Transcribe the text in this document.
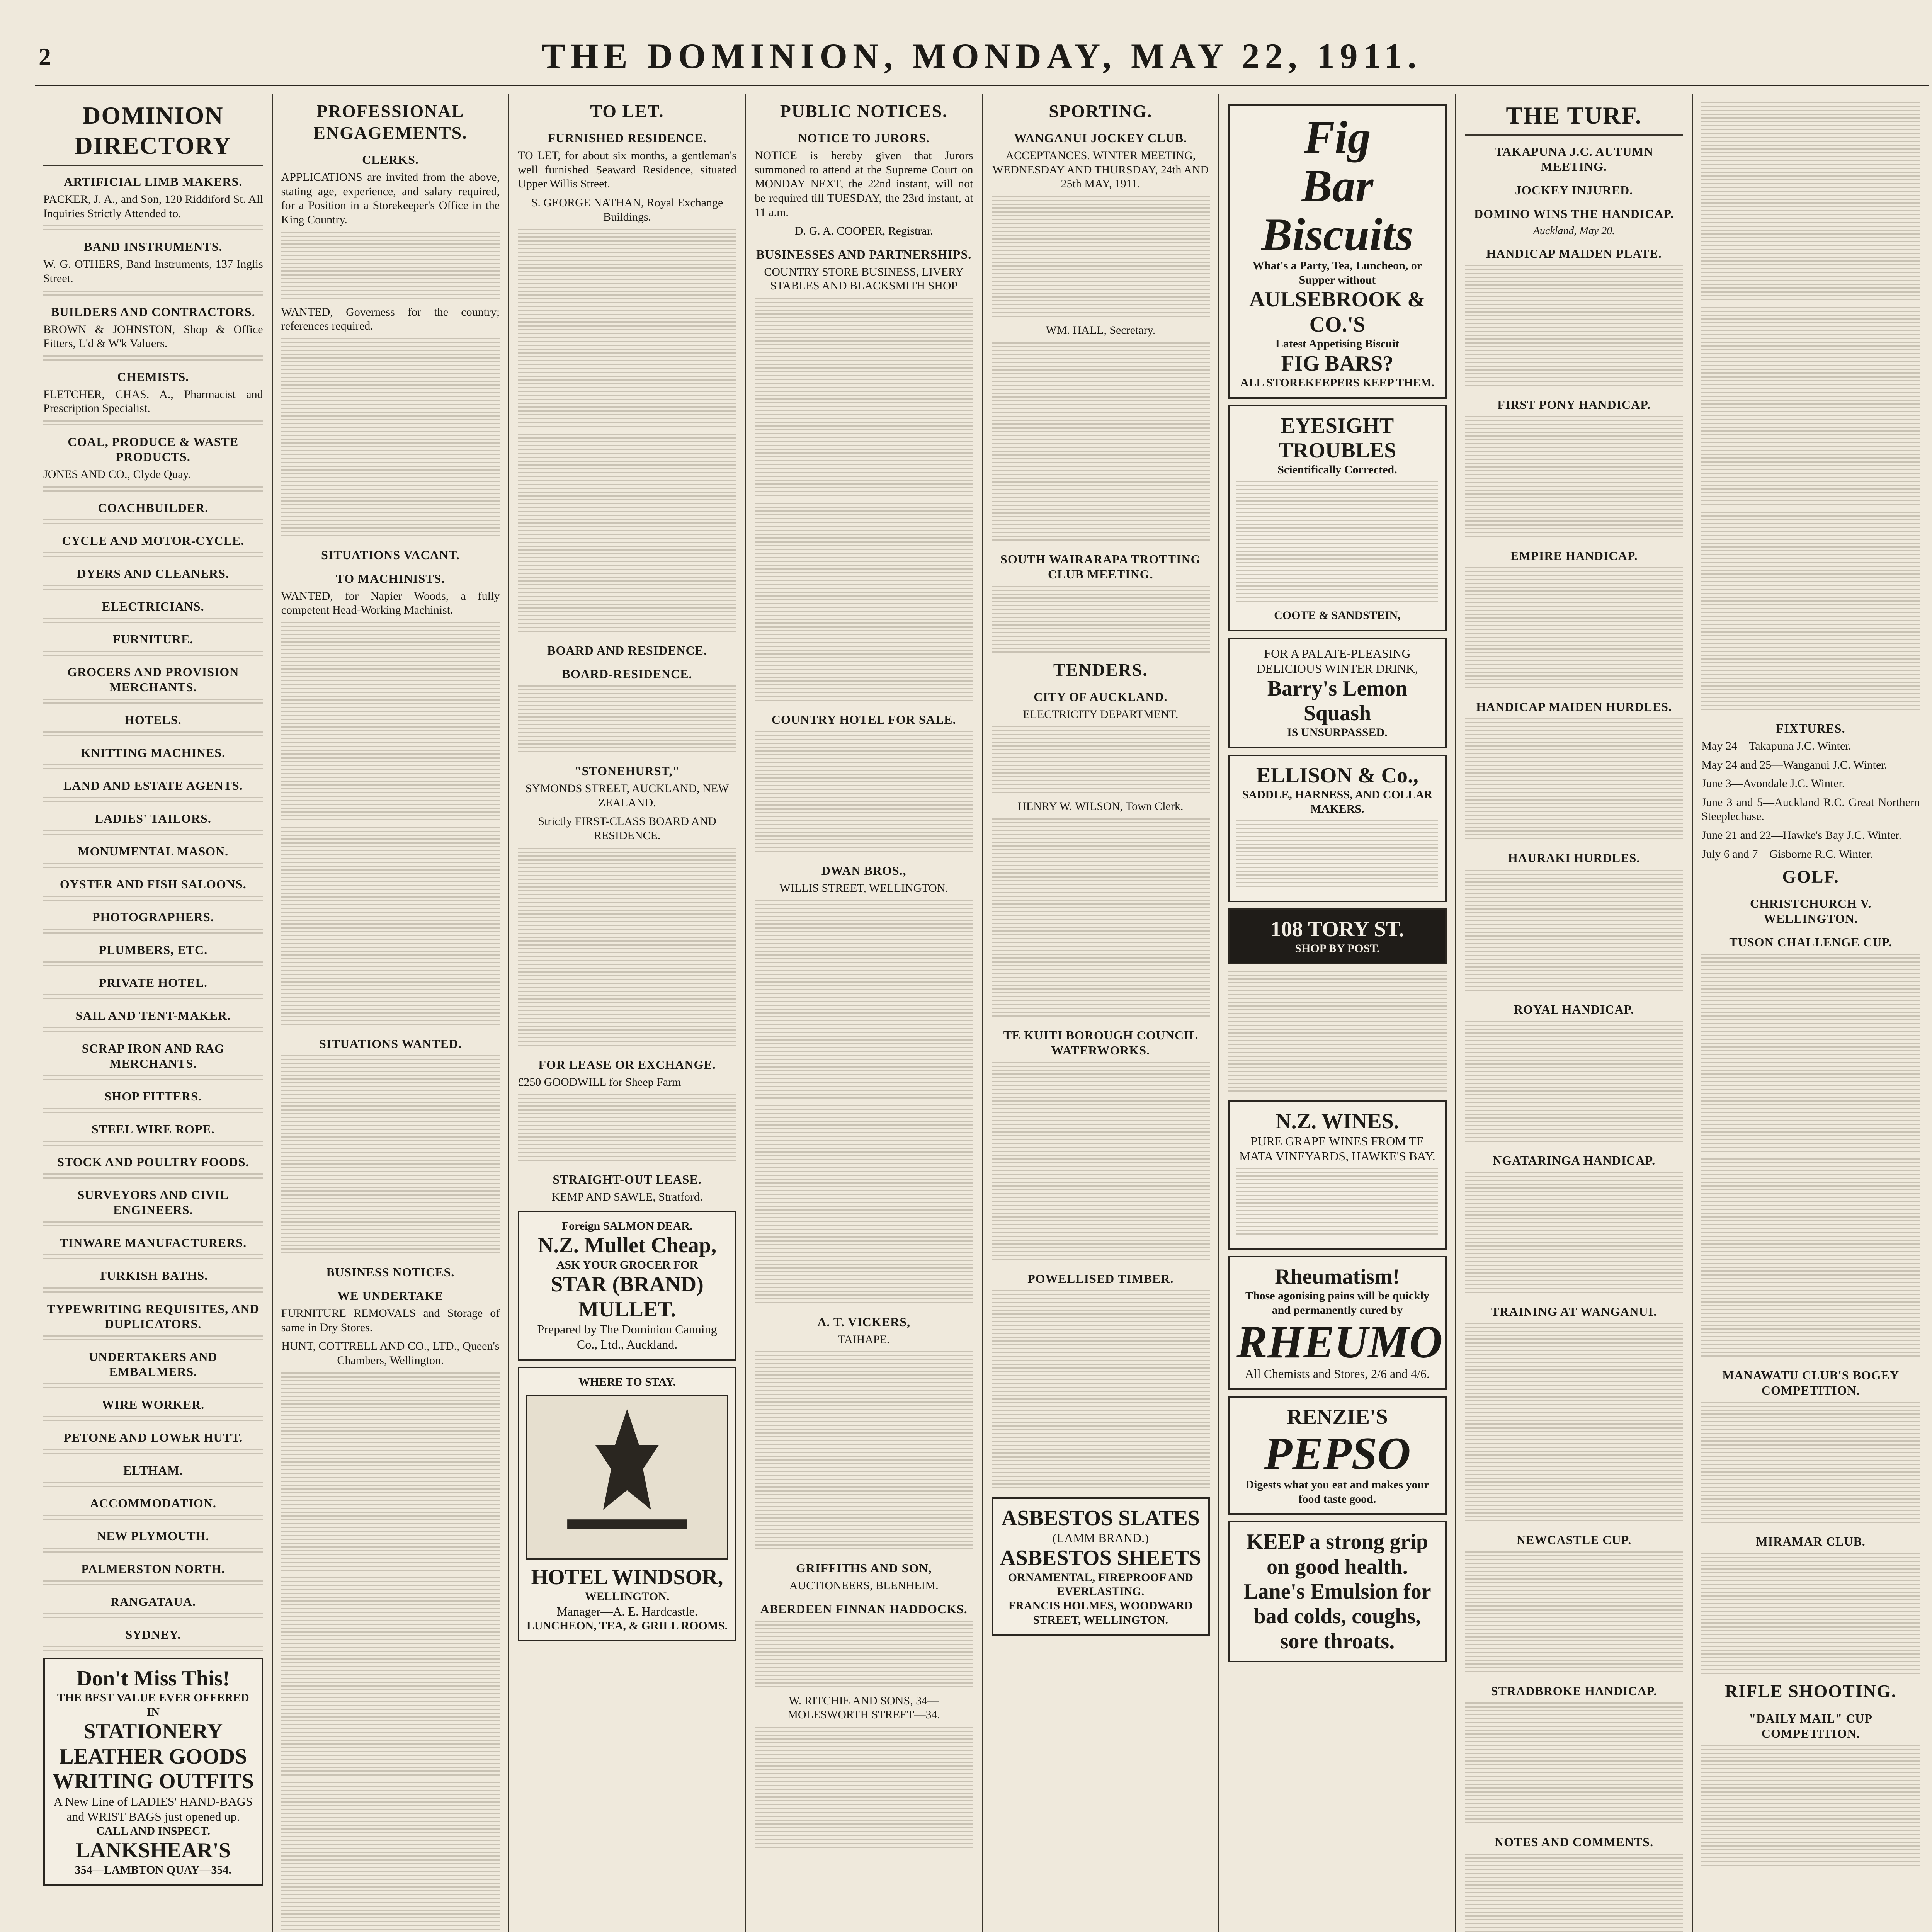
2	THE DOMINION, MONDAY, MAY 22, 1911.
DOMINION DIRECTORY
ARTIFICIAL LIMB MAKERS.

PACKER, J. A., and Son, 120 Riddiford St. All Inquiries Strictly Attended to.

BAND INSTRUMENTS.

W. G. OTHERS, Band Instruments, 137 Inglis Street.

BUILDERS AND CONTRACTORS.

BROWN & JOHNSTON, Shop & Office Fitters, L'd & W'k Valuers.

CHEMISTS.

FLETCHER, CHAS. A., Pharmacist and Prescription Specialist.

COAL, PRODUCE & WASTE PRODUCTS.

JONES AND CO., Clyde Quay.

COACHBUILDER.
CYCLE AND MOTOR-CYCLE.
DYERS AND CLEANERS.
ELECTRICIANS.
FURNITURE.
GROCERS AND PROVISION MERCHANTS.
HOTELS.
KNITTING MACHINES.
LAND AND ESTATE AGENTS.
LADIES' TAILORS.
MONUMENTAL MASON.
OYSTER AND FISH SALOONS.
PHOTOGRAPHERS.
PLUMBERS, ETC.
PRIVATE HOTEL.
SAIL AND TENT-MAKER.
SCRAP IRON AND RAG MERCHANTS.
SHOP FITTERS.
STEEL WIRE ROPE.
STOCK AND POULTRY FOODS.
SURVEYORS AND CIVIL ENGINEERS.
TINWARE MANUFACTURERS.
TURKISH BATHS.
TYPEWRITING REQUISITES, AND DUPLICATORS.
UNDERTAKERS AND EMBALMERS.
WIRE WORKER.
PETONE AND LOWER HUTT.
ELTHAM.
ACCOMMODATION.
NEW PLYMOUTH.
PALMERSTON NORTH.
RANGATAUA.
SYDNEY.
Don't Miss This!
THE BEST VALUE EVER OFFERED
IN
STATIONERY
LEATHER GOODS
WRITING OUTFITS
A New Line of LADIES' HAND-BAGS and WRIST BAGS just opened up.
CALL AND INSPECT.
LANKSHEAR'S
354—LAMBTON QUAY—354.
PROFESSIONAL ENGAGEMENTS.
CLERKS.

APPLICATIONS are invited from the above, stating age, experience, and salary required, for a Position in a Storekeeper's Office in the King Country.

WANTED, Governess for the country; references required.

SITUATIONS VACANT.
TO MACHINISTS.

WANTED, for Napier Woods, a fully competent Head-Working Machinist.

SITUATIONS WANTED.
BUSINESS NOTICES.
WE UNDERTAKE

FURNITURE REMOVALS and Storage of same in Dry Stores.

HUNT, COTTRELL AND CO., LTD., Queen's Chambers, Wellington.

TO LET.
FURNISHED RESIDENCE.

TO LET, for about six months, a gentleman's well furnished Seaward Residence, situated Upper Willis Street.

S. GEORGE NATHAN, Royal Exchange Buildings.

BOARD AND RESIDENCE.
BOARD-RESIDENCE.
"STONEHURST,"

SYMONDS STREET, AUCKLAND, NEW ZEALAND.

Strictly FIRST-CLASS BOARD AND RESIDENCE.

FOR LEASE OR EXCHANGE.

£250 GOODWILL for Sheep Farm

STRAIGHT-OUT LEASE.

KEMP AND SAWLE, Stratford.

Foreign SALMON DEAR.
N.Z. Mullet Cheap,
ASK YOUR GROCER FOR
STAR (BRAND) MULLET.
Prepared by The Dominion Canning Co., Ltd., Auckland.
WHERE TO STAY.
HOTEL WINDSOR,
WELLINGTON.
Manager—A. E. Hardcastle.
LUNCHEON, TEA, & GRILL ROOMS.
PUBLIC NOTICES.
NOTICE TO JURORS.

NOTICE is hereby given that Jurors summoned to attend at the Supreme Court on MONDAY NEXT, the 22nd instant, will not be required till TUESDAY, the 23rd instant, at 11 a.m.

D. G. A. COOPER, Registrar.

BUSINESSES AND PARTNERSHIPS.

COUNTRY STORE BUSINESS, LIVERY STABLES AND BLACKSMITH SHOP

COUNTRY HOTEL FOR SALE.
DWAN BROS.,

WILLIS STREET, WELLINGTON.

A. T. VICKERS,

TAIHAPE.

GRIFFITHS AND SON,

AUCTIONEERS, BLENHEIM.

ABERDEEN FINNAN HADDOCKS.

W. RITCHIE AND SONS, 34—MOLESWORTH STREET—34.

SPORTING.
WANGANUI JOCKEY CLUB.

ACCEPTANCES. WINTER MEETING, WEDNESDAY AND THURSDAY, 24th AND 25th MAY, 1911.

WM. HALL, Secretary.

SOUTH WAIRARAPA TROTTING CLUB MEETING.
TENDERS.
CITY OF AUCKLAND.

ELECTRICITY DEPARTMENT.

HENRY W. WILSON, Town Clerk.

TE KUITI BOROUGH COUNCIL WATERWORKS.
POWELLISED TIMBER.
ASBESTOS SLATES
(LAMM BRAND.)
ASBESTOS SHEETS
ORNAMENTAL, FIREPROOF AND EVERLASTING.
FRANCIS HOLMES, WOODWARD STREET, WELLINGTON.
Fig
Bar
Biscuits
What's a Party, Tea, Luncheon, or Supper without
AULSEBROOK & CO.'S
Latest Appetising Biscuit
FIG BARS?
ALL STOREKEEPERS KEEP THEM.
EYESIGHT TROUBLES
Scientifically Corrected.
COOTE & SANDSTEIN,
FOR A PALATE-PLEASING DELICIOUS WINTER DRINK,
Barry's Lemon Squash
IS UNSURPASSED.
ELLISON & Co.,
SADDLE, HARNESS, AND COLLAR MAKERS.
108 TORY ST.
SHOP BY POST.
N.Z. WINES.
PURE GRAPE WINES FROM TE MATA VINEYARDS, HAWKE'S BAY.
Rheumatism!
Those agonising pains will be quickly and permanently cured by
RHEUMO
All Chemists and Stores, 2/6 and 4/6.
RENZIE'S
PEPSO
Digests what you eat and makes your food taste good.
KEEP a strong grip on good health. Lane's Emulsion for bad colds, coughs, sore throats.
THE TURF.
TAKAPUNA J.C. AUTUMN MEETING.
JOCKEY INJURED.
DOMINO WINS THE HANDICAP.
Auckland, May 20.
HANDICAP MAIDEN PLATE.
FIRST PONY HANDICAP.
EMPIRE HANDICAP.
HANDICAP MAIDEN HURDLES.
HAURAKI HURDLES.
ROYAL HANDICAP.
NGATARINGA HANDICAP.
TRAINING AT WANGANUI.
NEWCASTLE CUP.
STRADBROKE HANDICAP.
NOTES AND COMMENTS.
FIXTURES.

May 24—Takapuna J.C. Winter.

May 24 and 25—Wanganui J.C. Winter.

June 3—Avondale J.C. Winter.

June 3 and 5—Auckland R.C. Great Northern Steeplechase.

June 21 and 22—Hawke's Bay J.C. Winter.

July 6 and 7—Gisborne R.C. Winter.

GOLF.
CHRISTCHURCH V. WELLINGTON.
TUSON CHALLENGE CUP.
MANAWATU CLUB'S BOGEY COMPETITION.
MIRAMAR CLUB.
RIFLE SHOOTING.
"DAILY MAIL" CUP COMPETITION.
